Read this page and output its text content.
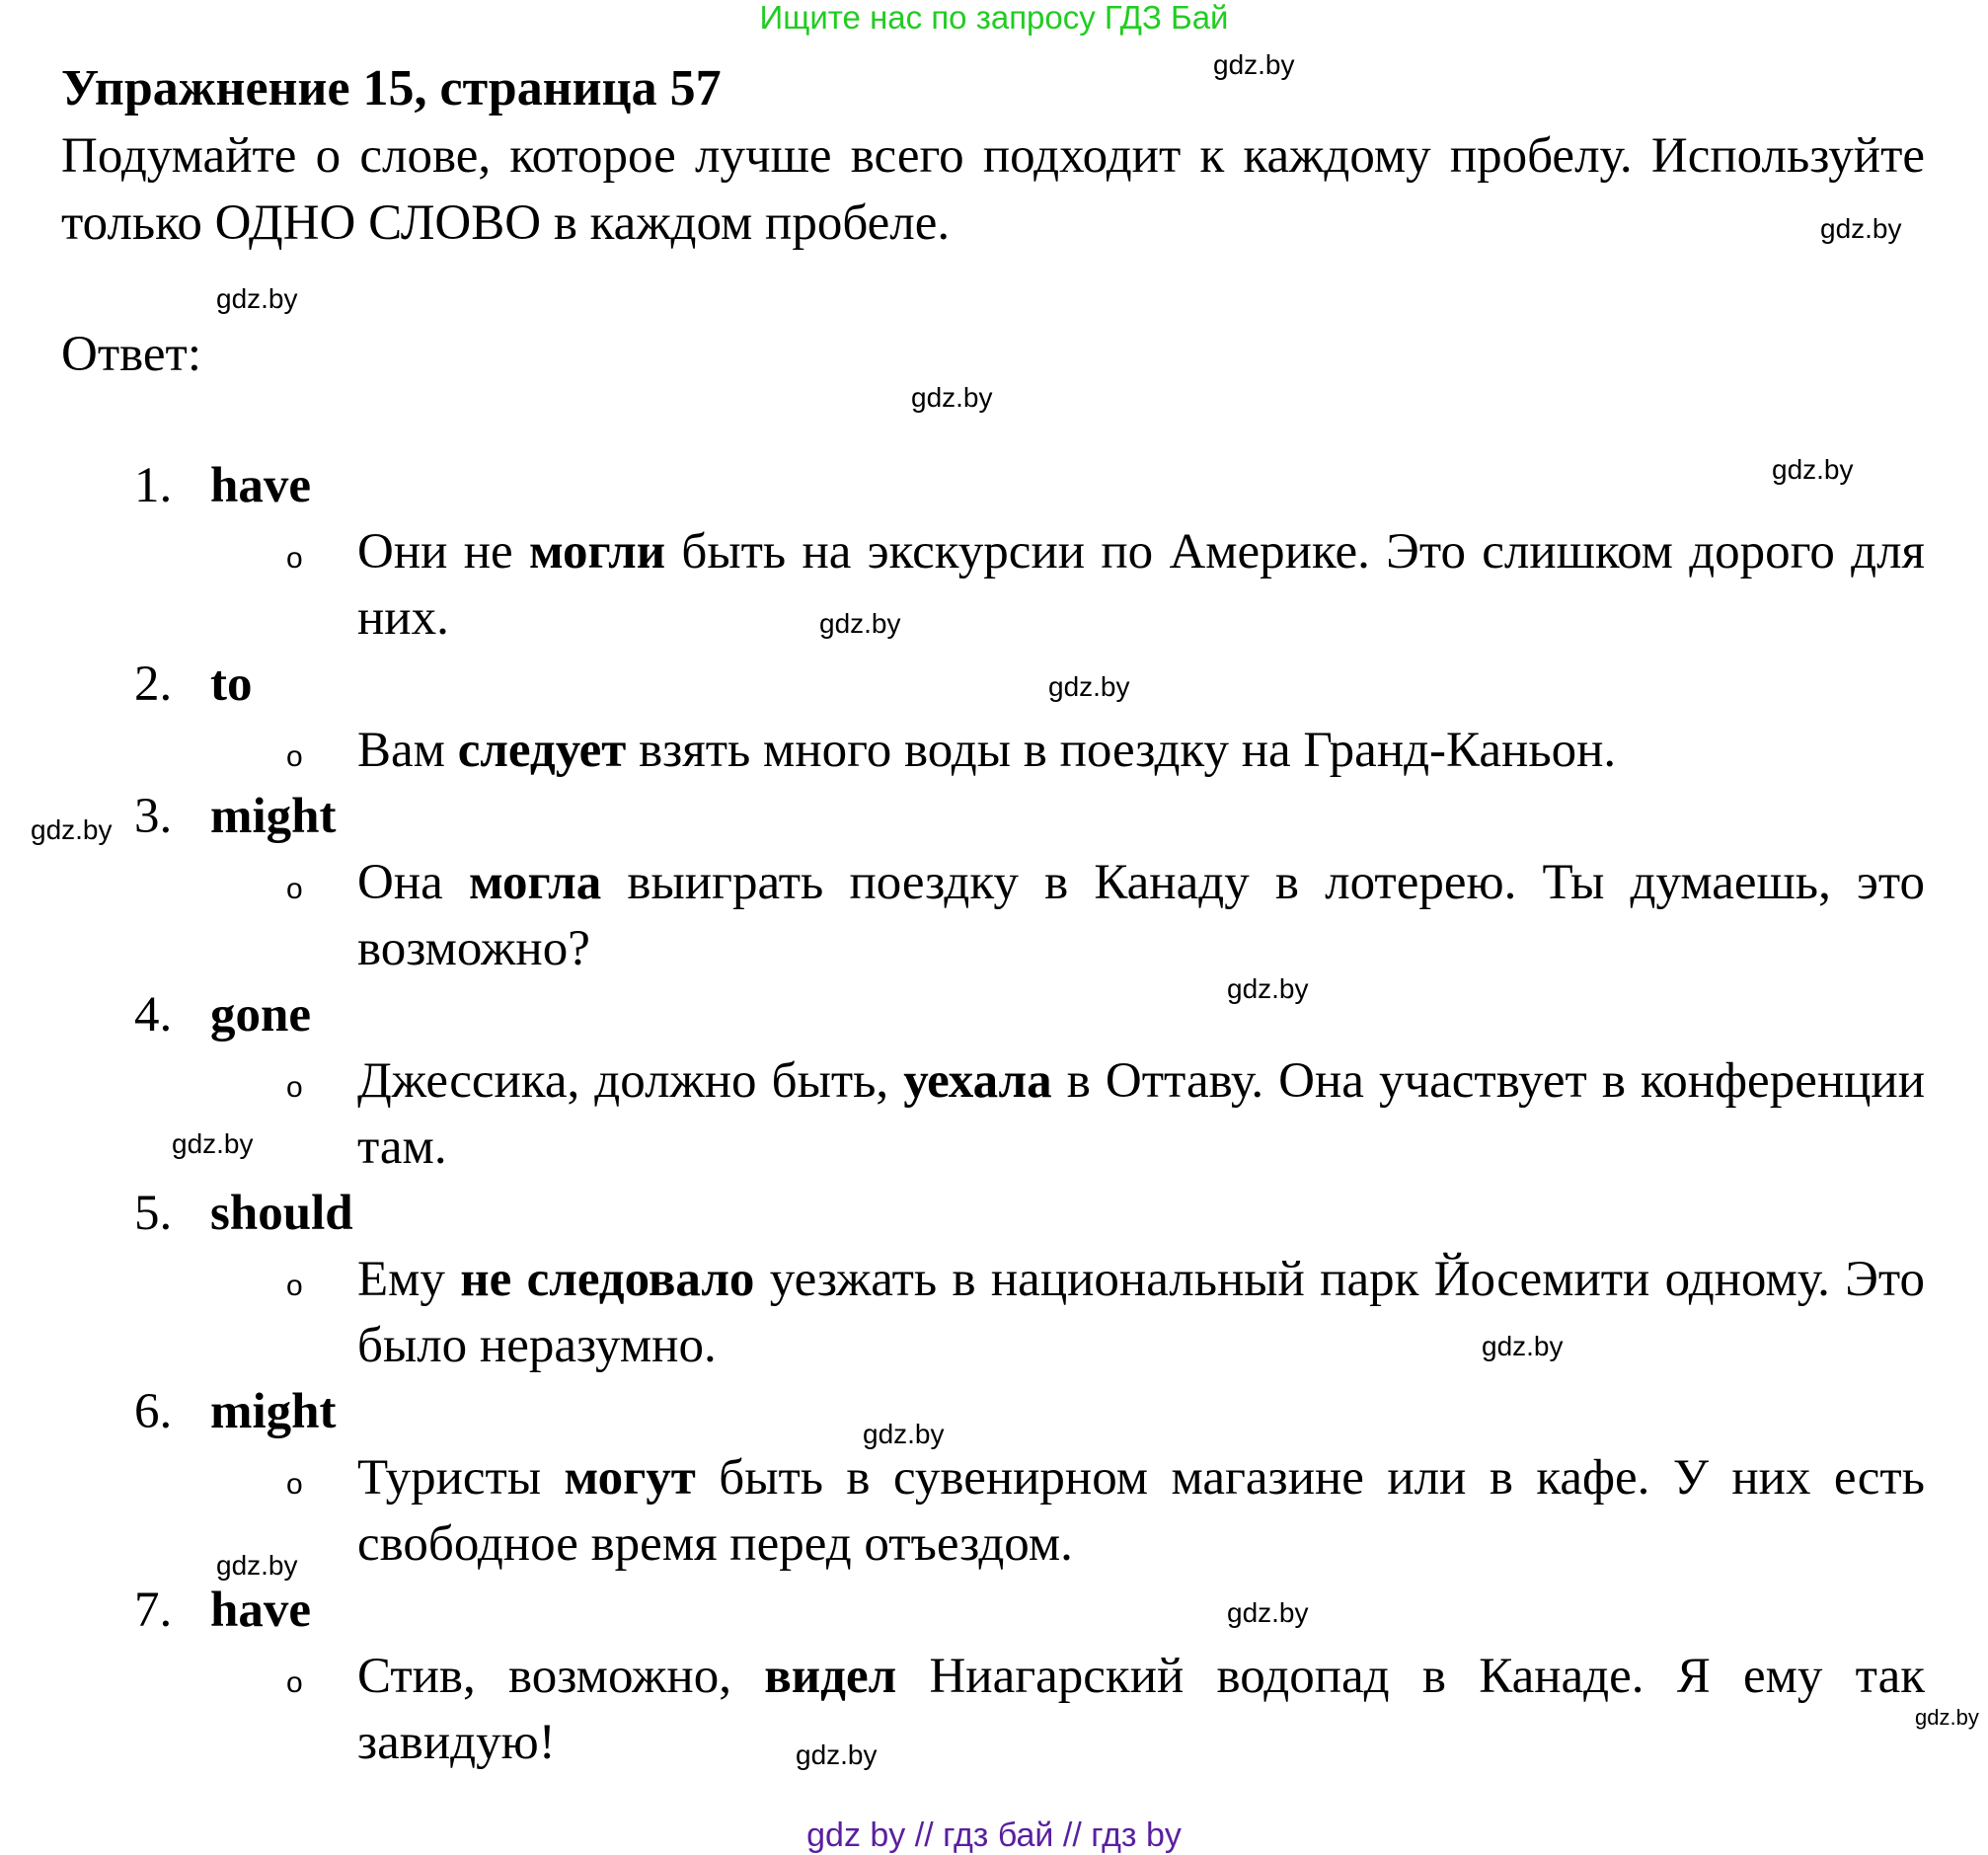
Ищите нас по запросу ГДЗ Бай
Упражнение 15, страница 57
Подумайте о слове, которое лучше всего подходит к каждому пробелу. Используйте только ОДНО СЛОВО в каждом пробеле.
Ответ:
1. have
o Они не могли быть на экскурсии по Америке. Это слишком дорого для них.
2. to
o Вам следует взять много воды в поездку на Гранд-Каньон.
3. might
o Она могла выиграть поездку в Канаду в лотерею. Ты думаешь, это возможно?
4. gone
o Джессика, должно быть, уехала в Оттаву. Она участвует в конференции там.
5. should
o Ему не следовало уезжать в национальный парк Йосемити одному. Это было неразумно.
6. might
o Туристы могут быть в сувенирном магазине или в кафе. У них есть свободное время перед отъездом.
7. have
o Стив, возможно, видел Ниагарский водопад в Канаде. Я ему так завидую!
gdz.by
gdz.by
gdz.by
gdz.by
gdz.by
gdz.by
gdz.by
gdz.by
gdz.by
gdz.by
gdz.by
gdz.by
gdz.by
gdz.by
gdz.by
gdz.by
gdz by // гдз бай // гдз by
